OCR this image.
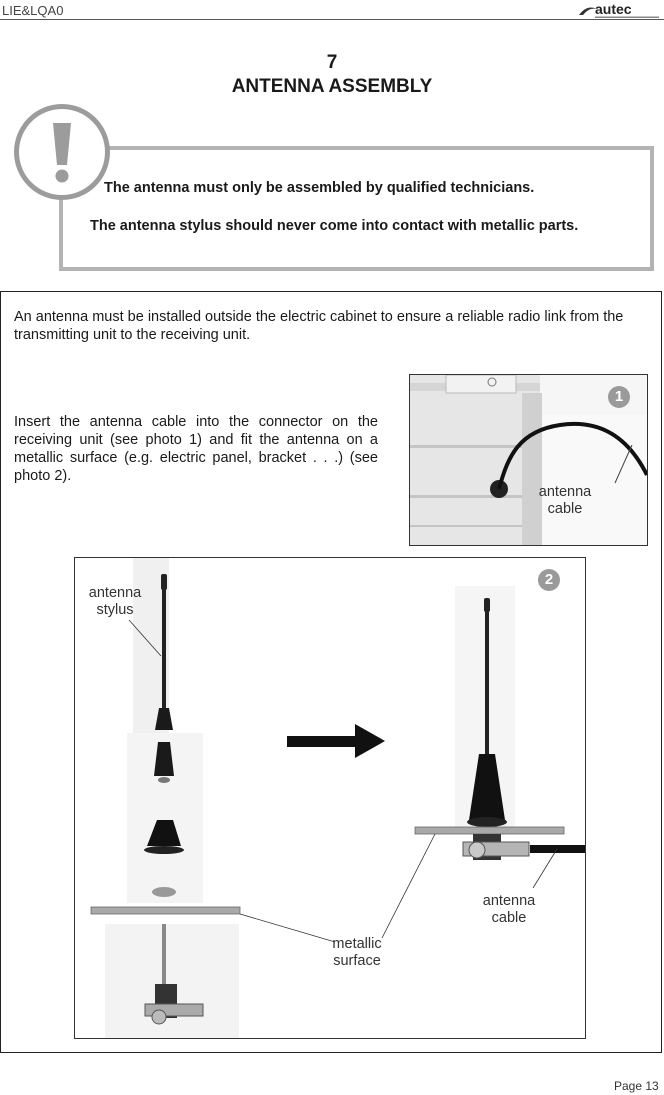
LIE&LQA0	autec
7
ANTENNA ASSEMBLY
The antenna must only be assembled by qualified technicians.
The antenna stylus should never come into contact with metallic parts.
An antenna must be installed outside the electric cabinet to ensure a reliable radio link from the transmitting unit to the receiving unit.
Insert the antenna cable into the connector on the receiving unit (see photo 1) and fit the antenna on a metallic surface (e.g. electric panel, bracket . . .) (see photo 2).
1
antenna
cable
2
antenna
stylus
metallic
surface
antenna
cable
Page 13
